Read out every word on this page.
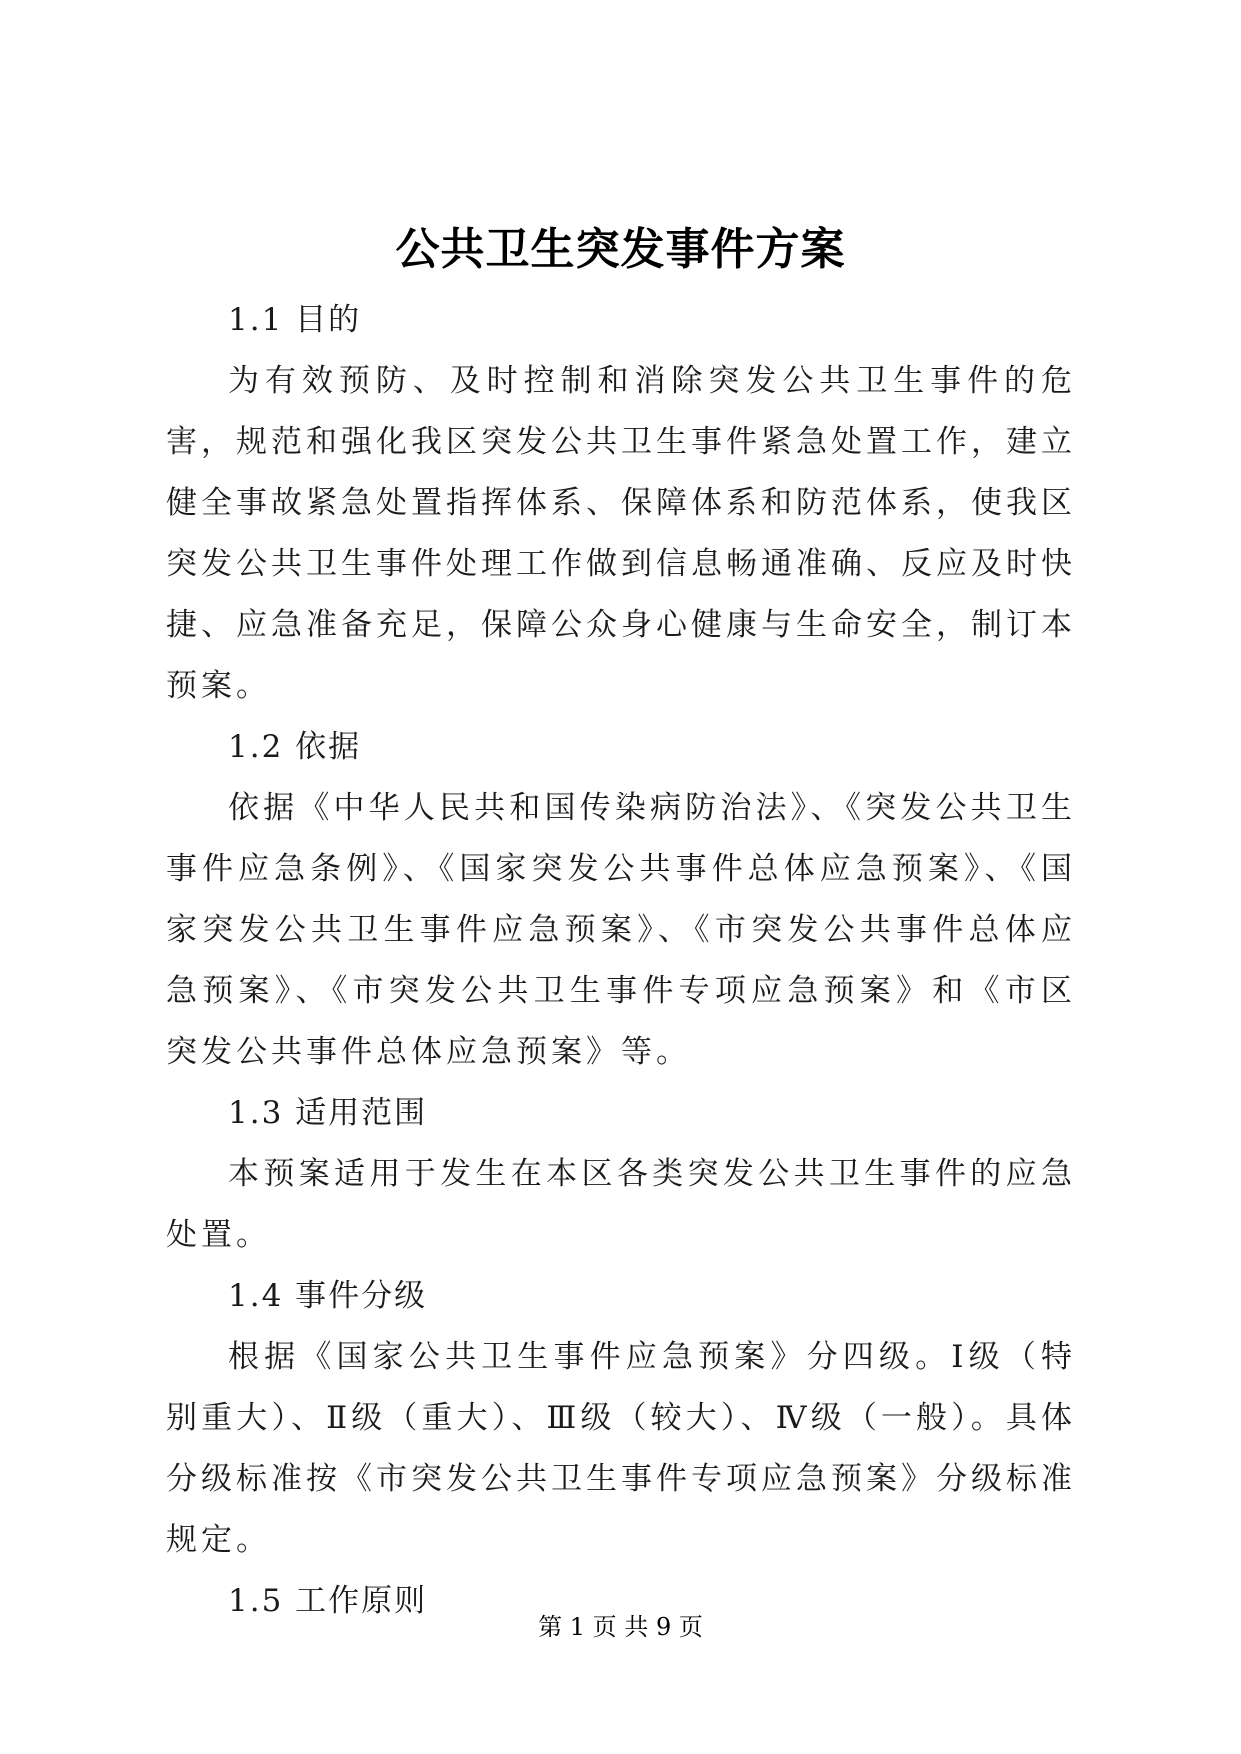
公共卫生突发事件方案

1.1 目的

为有效预防、及时控制和消除突发公共卫生事件的危害，规范和强化我区突发公共卫生事件紧急处置工作，建立健全事故紧急处置指挥体系、保障体系和防范体系，使我区突发公共卫生事件处理工作做到信息畅通准确、反应及时快捷、应急准备充足，保障公众身心健康与生命安全，制订本预案。

1.2 依据

依据《中华人民共和国传染病防治法》、《突发公共卫生事件应急条例》、《国家突发公共事件总体应急预案》、《国家突发公共卫生事件应急预案》、《市突发公共事件总体应急预案》、《市突发公共卫生事件专项应急预案》和《市区突发公共事件总体应急预案》等。

1.3 适用范围

本预案适用于发生在本区各类突发公共卫生事件的应急处置。

1.4 事件分级

根据《国家公共卫生事件应急预案》分四级。Ⅰ级（特别重大）、Ⅱ级（重大）、Ⅲ级（较大）、Ⅳ级（一般）。具体分级标准按《市突发公共卫生事件专项应急预案》分级标准规定。

1.5 工作原则

第 1 页 共 9 页
